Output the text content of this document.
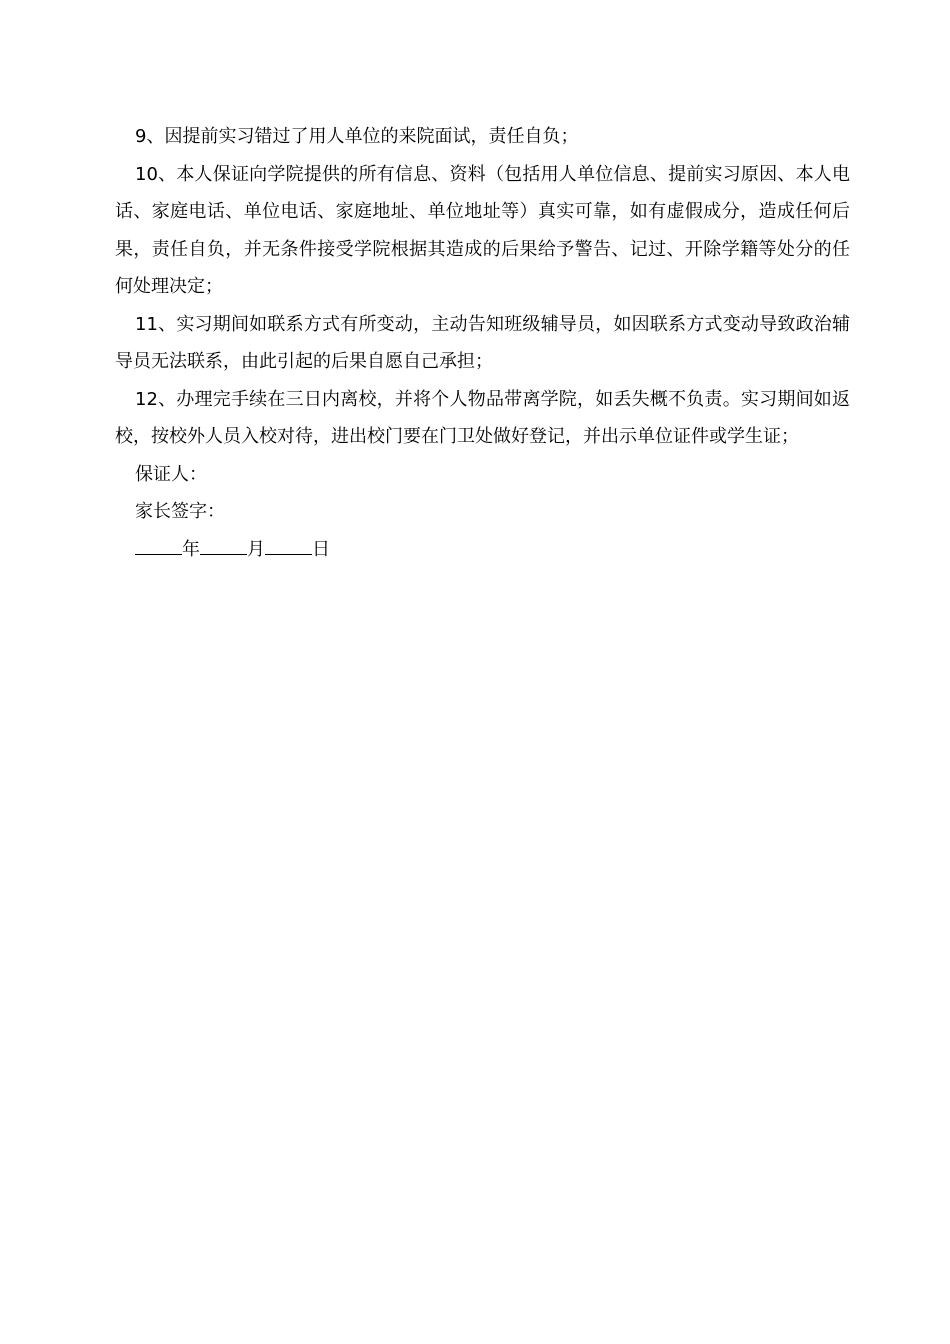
9、因提前实习错过了用人单位的来院面试，责任自负；

10、本人保证向学院提供的所有信息、资料（包括用人单位信息、提前实习原因、本人电话、家庭电话、单位电话、家庭地址、单位地址等）真实可靠，如有虚假成分，造成任何后果，责任自负，并无条件接受学院根据其造成的后果给予警告、记过、开除学籍等处分的任何处理决定；

11、实习期间如联系方式有所变动，主动告知班级辅导员，如因联系方式变动导致政治辅导员无法联系，由此引起的后果自愿自己承担；

12、办理完手续在三日内离校，并将个人物品带离学院，如丢失概不负责。实习期间如返校，按校外人员入校对待，进出校门要在门卫处做好登记，并出示单位证件或学生证；

保证人：

家长签字：

年	月	日
